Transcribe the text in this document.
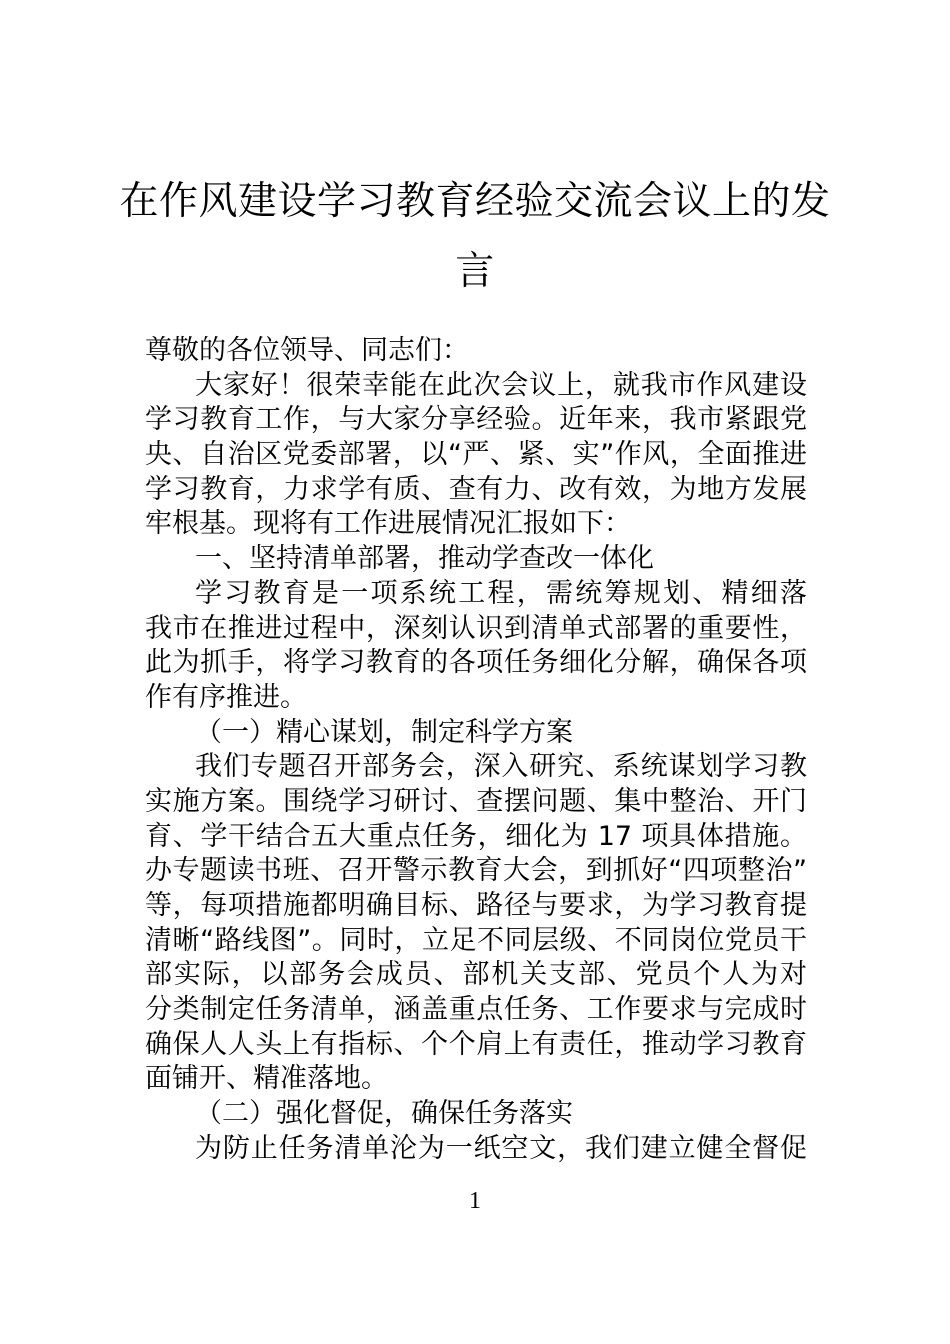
在作风建设学习教育经验交流会议上的发
言
尊敬的各位领导、同志们：
大家好！很荣幸能在此次会议上，就我市作风建设
学习教育工作，与大家分享经验。近年来，我市紧跟党
央、自治区党委部署，以“严、紧、实”作风，全面推进
学习教育，力求学有质、查有力、改有效，为地方发展
牢根基。现将有工作进展情况汇报如下：
一、坚持清单部署，推动学查改一体化
学习教育是一项系统工程，需统筹规划、精细落
我市在推进过程中，深刻认识到清单式部署的重要性，
此为抓手，将学习教育的各项任务细化分解，确保各项
作有序推进。
（一）精心谋划，制定科学方案
我们专题召开部务会，深入研究、系统谋划学习教
实施方案。围绕学习研讨、查摆问题、集中整治、开门
育、学干结合五大重点任务，细化为 17 项具体措施。
办专题读书班、召开警示教育大会，到抓好“四项整治”
等，每项措施都明确目标、路径与要求，为学习教育提
清晰“路线图”。同时，立足不同层级、不同岗位党员干
部实际，以部务会成员、部机关支部、党员个人为对
分类制定任务清单，涵盖重点任务、工作要求与完成时
确保人人头上有指标、个个肩上有责任，推动学习教育
面铺开、精准落地。
（二）强化督促，确保任务落实
为防止任务清单沦为一纸空文，我们建立健全督促
1
